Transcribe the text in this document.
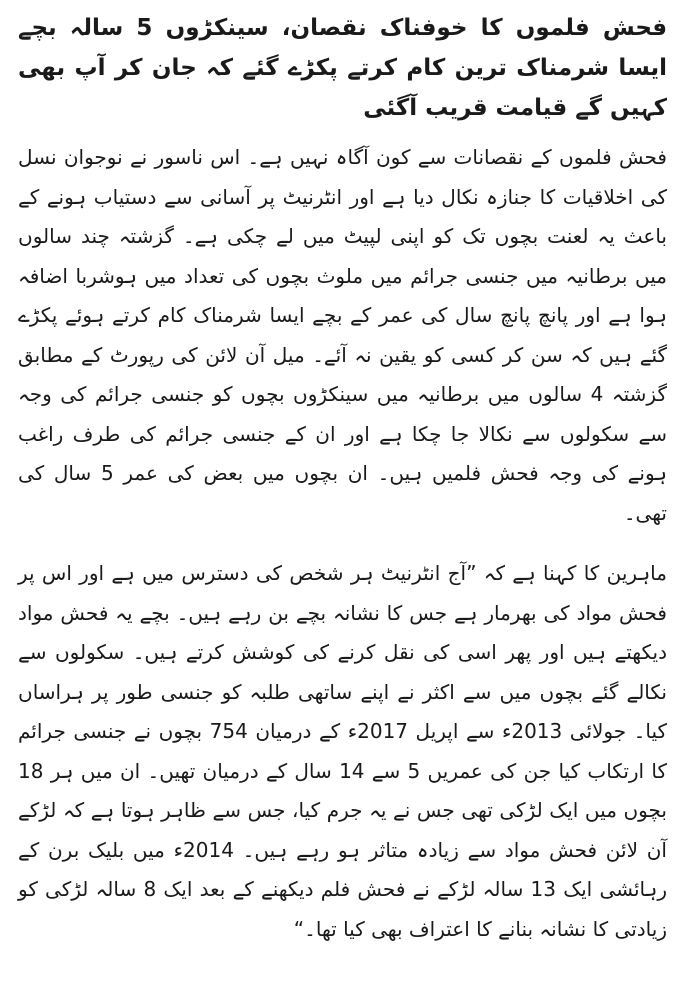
فحش فلموں کا خوفناک نقصان، سینکڑوں 5 سالہ بچے ایسا شرمناک ترین کام کرتے پکڑے گئے کہ جان کر آپ بھی کہیں گے قیامت قریب آگئی

فحش فلموں کے نقصانات سے کون آگاہ نہیں ہے۔ اس ناسور نے نوجوان نسل کی اخلاقیات کا جنازہ نکال دیا ہے اور انٹرنیٹ پر آسانی سے دستیاب ہونے کے باعث یہ لعنت بچوں تک کو اپنی لپیٹ میں لے چکی ہے۔ گزشتہ چند سالوں میں برطانیہ میں جنسی جرائم میں ملوث بچوں کی تعداد میں ہوشربا اضافہ ہوا ہے اور پانچ پانچ سال کی عمر کے بچے ایسا شرمناک کام کرتے ہوئے پکڑے گئے ہیں کہ سن کر کسی کو یقین نہ آئے۔ میل آن لائن کی رپورٹ کے مطابق گزشتہ 4 سالوں میں برطانیہ میں سینکڑوں بچوں کو جنسی جرائم کی وجہ سے سکولوں سے نکالا جا چکا ہے اور ان کے جنسی جرائم کی طرف راغب ہونے کی وجہ فحش فلمیں ہیں۔ ان بچوں میں بعض کی عمر 5 سال کی تھی۔

ماہرین کا کہنا ہے کہ ”آج انٹرنیٹ ہر شخص کی دسترس میں ہے اور اس پر فحش مواد کی بھرمار ہے جس کا نشانہ بچے بن رہے ہیں۔ بچے یہ فحش مواد دیکھتے ہیں اور پھر اسی کی نقل کرنے کی کوشش کرتے ہیں۔ سکولوں سے نکالے گئے بچوں میں سے اکثر نے اپنے ساتھی طلبہ کو جنسی طور پر ہراساں کیا۔ جولائی 2013ء سے اپریل 2017ء کے درمیان 754 بچوں نے جنسی جرائم کا ارتکاب کیا جن کی عمریں 5 سے 14 سال کے درمیان تھیں۔ ان میں ہر 18 بچوں میں ایک لڑکی تھی جس نے یہ جرم کیا، جس سے ظاہر ہوتا ہے کہ لڑکے آن لائن فحش مواد سے زیادہ متاثر ہو رہے ہیں۔ 2014ء میں بلیک برن کے رہائشی ایک 13 سالہ لڑکے نے فحش فلم دیکھنے کے بعد ایک 8 سالہ لڑکی کو زیادتی کا نشانہ بنانے کا اعتراف بھی کیا تھا۔“
